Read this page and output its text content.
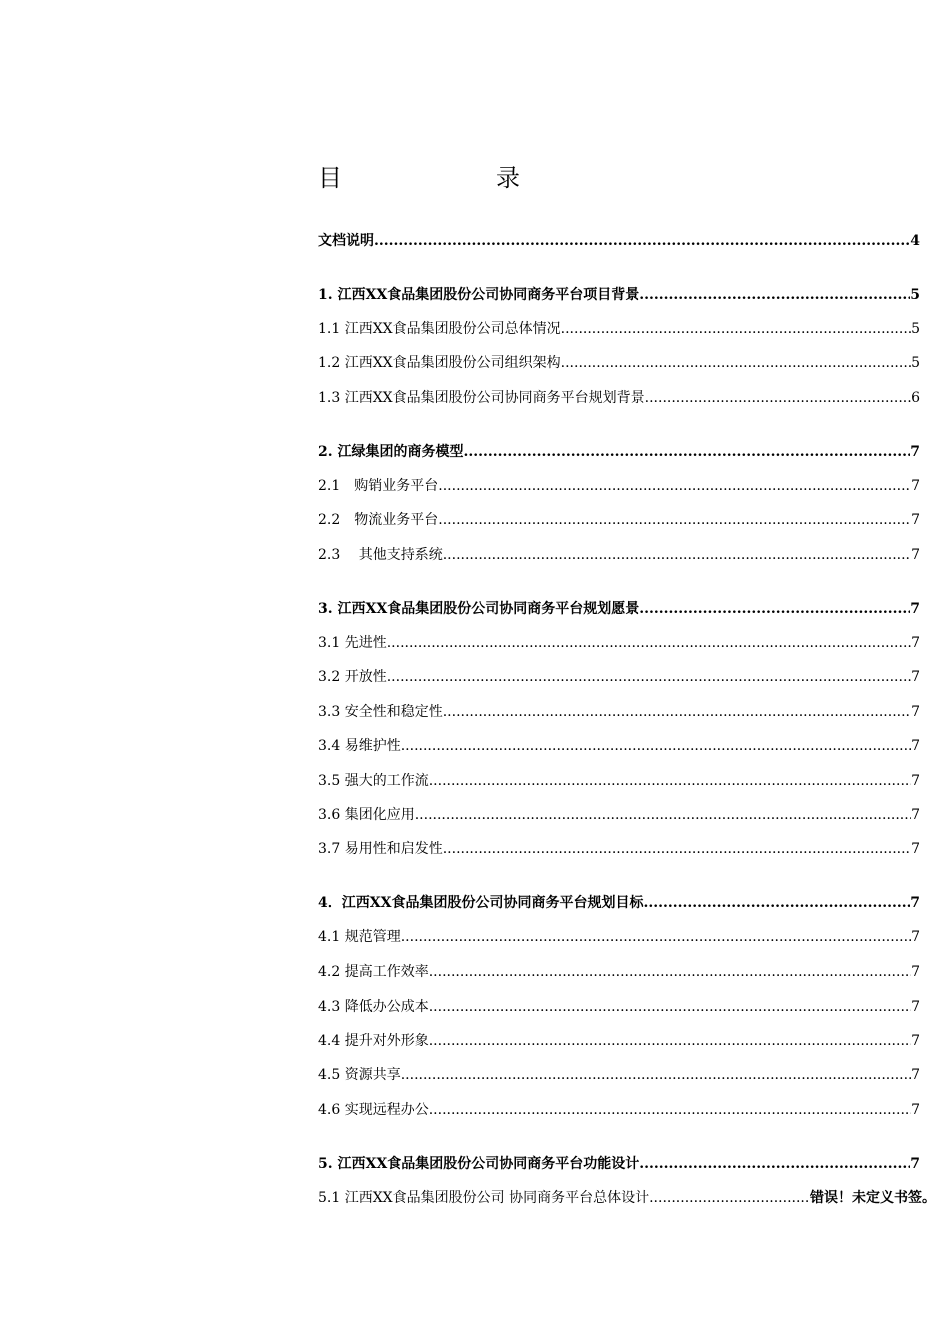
目	录
文档说明 .....	4
1. 江西XX食品集团股份公司协同商务平台项目背景 .....	5
1.1 江西XX食品集团股份公司总体情况 .....	5
1.2 江西XX食品集团股份公司组织架构 .....	5
1.3 江西XX食品集团股份公司协同商务平台规划背景 .....	6
2. 江绿集团的商务模型 .....	7
2.1　购销业务平台 .....	7
2.2　物流业务平台 .....	7
2.3　 其他支持系统 .....	7
3. 江西XX食品集团股份公司协同商务平台规划愿景 .....	7
3.1 先进性 .....	7
3.2 开放性 .....	7
3.3 安全性和稳定性 .....	7
3.4 易维护性 .....	7
3.5 强大的工作流 .....	7
3.6 集团化应用 .....	7
3.7 易用性和启发性 .....	7
4．江西XX食品集团股份公司协同商务平台规划目标 .....	7
4.1 规范管理 .....	7
4.2 提高工作效率 .....	7
4.3 降低办公成本 .....	7
4.4 提升对外形象 .....	7
4.5 资源共享 .....	7
4.6 实现远程办公 .....	7
5. 江西XX食品集团股份公司协同商务平台功能设计 .....	7
5.1 江西XX食品集团股份公司 协同商务平台总体设计 .....	错误！未定义书签。
